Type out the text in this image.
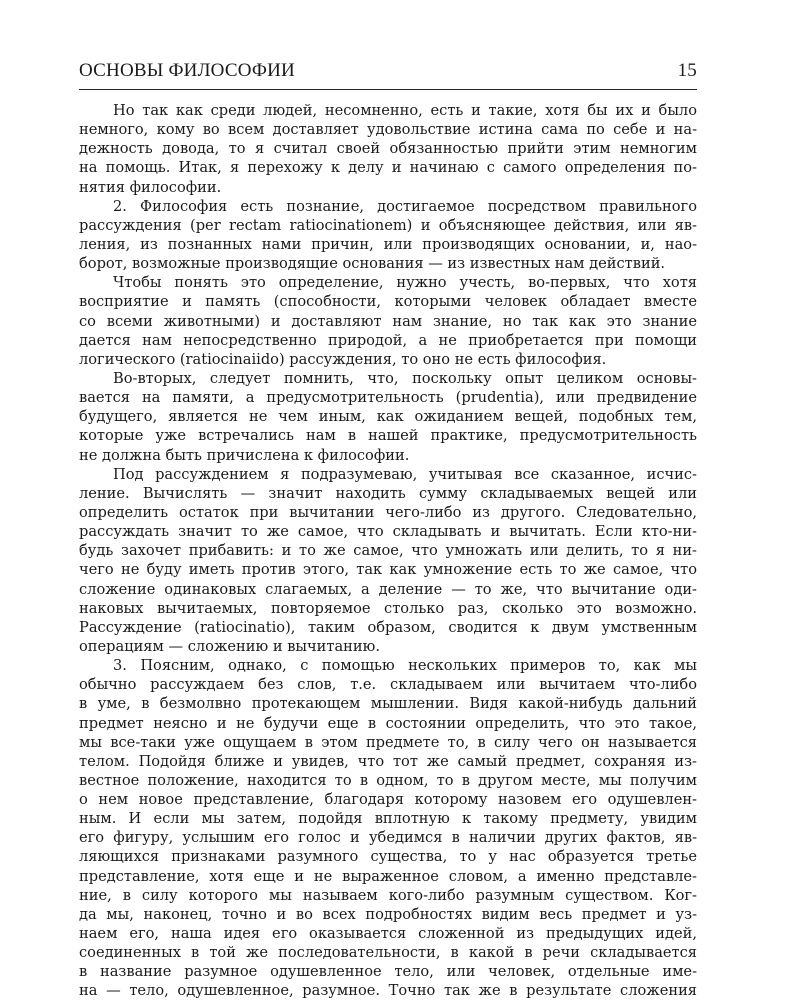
ОСНОВЫ ФИЛОСОФИИ	15
Но так как среди людей, несомненно, есть и такие, хотя бы их и было
немного, кому во всем доставляет удовольствие истина сама по себе и на-
дежность довода, то я считал своей обязанностью прийти этим немногим
на помощь. Итак, я перехожу к делу и начинаю с самого определения по-
нятия философии.
2. Философия есть познание, достигаемое посредством правильного
рассуждения (per rectam ratiocinationem) и объясняющее действия, или яв-
ления, из познанных нами причин, или производящих основании, и, нао-
борот, возможные производящие основания — из известных нам действий.
Чтобы понять это определение, нужно учесть, во-первых, что хотя
восприятие и память (способности, которыми человек обладает вместе
со всеми животными) и доставляют нам знание, но так как это знание
дается нам непосредственно природой, а не приобретается при помощи
логического (ratiocinaiido) рассуждения, то оно не есть философия.
Во-вторых, следует помнить, что, поскольку опыт целиком основы-
вается на памяти, а предусмотрительность (prudentia), или предвидение
будущего, является не чем иным, как ожиданием вещей, подобных тем,
которые уже встречались нам в нашей практике, предусмотрительность
не должна быть причислена к философии.
Под рассуждением я подразумеваю, учитывая все сказанное, исчис-
ление. Вычислять — значит находить сумму складываемых вещей или
определить остаток при вычитании чего-либо из другого. Следовательно,
рассуждать значит то же самое, что складывать и вычитать. Если кто-ни-
будь захочет прибавить: и то же самое, что умножать или делить, то я ни-
чего не буду иметь против этого, так как умножение есть то же самое, что
сложение одинаковых слагаемых, а деление — то же, что вычитание оди-
наковых вычитаемых, повторяемое столько раз, сколько это возможно.
Рассуждение (ratiocinatio), таким образом, сводится к двум умственным
операциям — сложению и вычитанию.
3. Поясним, однако, с помощью нескольких примеров то, как мы
обычно рассуждаем без слов, т.е. складываем или вычитаем что-либо
в уме, в безмолвно протекающем мышлении. Видя какой-нибудь дальний
предмет неясно и не будучи еще в состоянии определить, что это такое,
мы все-таки уже ощущаем в этом предмете то, в силу чего он называется
телом. Подойдя ближе и увидев, что тот же самый предмет, сохраняя из-
вестное положение, находится то в одном, то в другом месте, мы получим
о нем новое представление, благодаря которому назовем его одушевлен-
ным. И если мы затем, подойдя вплотную к такому предмету, увидим
его фигуру, услышим его голос и убедимся в наличии других фактов, яв-
ляющихся признаками разумного существа, то у нас образуется третье
представление, хотя еще и не выраженное словом, а именно представле-
ние, в силу которого мы называем кого-либо разумным существом. Ког-
да мы, наконец, точно и во всех подробностях видим весь предмет и уз-
наем его, наша идея его оказывается сложенной из предыдущих идей,
соединенных в той же последовательности, в какой в речи складывается
в название разумное одушевленное тело, или человек, отдельные име-
на — тело, одушевленное, разумное. Точно так же в результате сложения
